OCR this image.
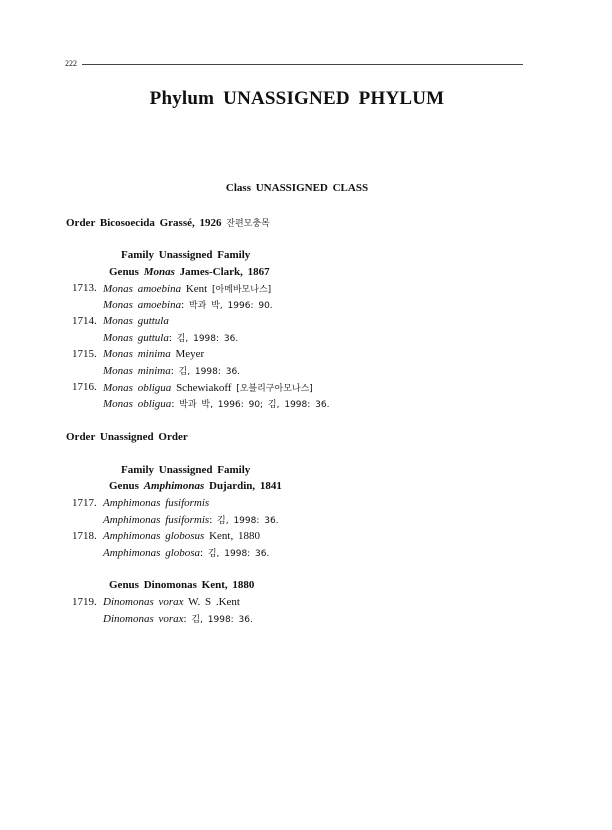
222
Phylum UNASSIGNED PHYLUM
Class UNASSIGNED CLASS
Order Bicosoecida Grassé, 1926 잔편모충목
Family Unassigned Family
Genus Monas James-Clark, 1867
1713. Monas amoebina Kent [아메바모나스]
Monas amoebina: 박과 박, 1996: 90.
1714. Monas guttula
Monas guttula: 김, 1998: 36.
1715. Monas minima Meyer
Monas minima: 김, 1998: 36.
1716. Monas obligua Schewiakoff [오블리구아모나스]
Monas obligua: 박과 박, 1996: 90; 김, 1998: 36.
Order Unassigned Order
Family Unassigned Family
Genus Amphimonas Dujardin, 1841
1717. Amphimonas fusiformis
Amphimonas fusiformis: 김, 1998: 36.
1718. Amphimonas globosus Kent, 1880
Amphimonas globosa: 김, 1998: 36.
Genus Dinomonas Kent, 1880
1719. Dinomonas vorax W. S .Kent
Dinomonas vorax: 김, 1998: 36.
